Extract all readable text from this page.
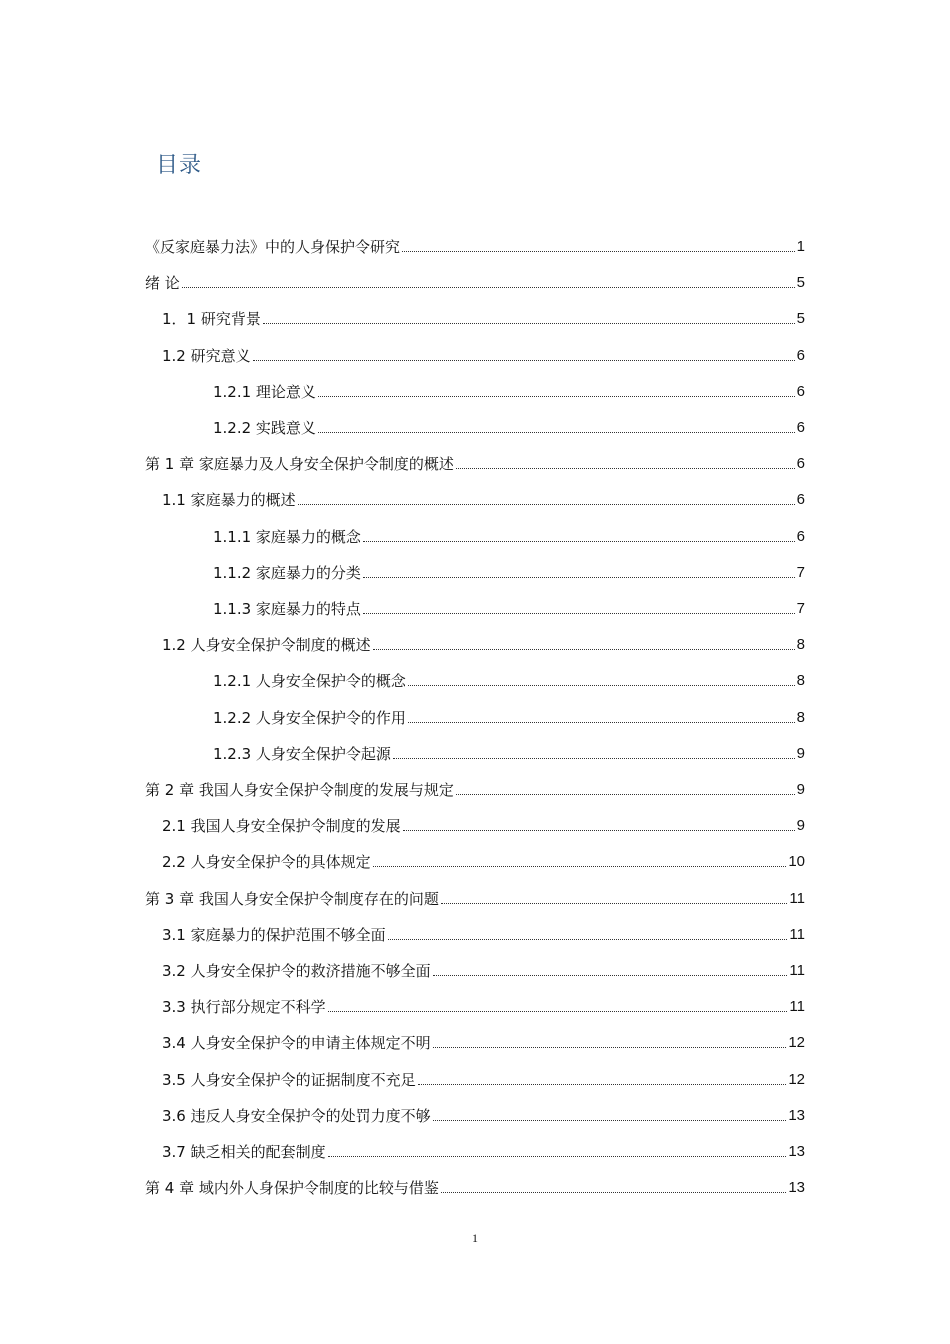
目录
《反家庭暴力法》中的人身保护令研究	1
绪 论	5
1．1 研究背景	5
1.2 研究意义	6
1.2.1 理论意义	6
1.2.2 实践意义	6
第 1 章 家庭暴力及人身安全保护令制度的概述	6
1.1 家庭暴力的概述	6
1.1.1 家庭暴力的概念	6
1.1.2 家庭暴力的分类	7
1.1.3 家庭暴力的特点	7
1.2 人身安全保护令制度的概述	8
1.2.1 人身安全保护令的概念	8
1.2.2 人身安全保护令的作用	8
1.2.3 人身安全保护令起源	9
第 2 章 我国人身安全保护令制度的发展与规定	9
2.1 我国人身安全保护令制度的发展	9
2.2 人身安全保护令的具体规定	10
第 3 章 我国人身安全保护令制度存在的问题	11
3.1 家庭暴力的保护范围不够全面	11
3.2 人身安全保护令的救济措施不够全面	11
3.3 执行部分规定不科学	11
3.4 人身安全保护令的申请主体规定不明	12
3.5 人身安全保护令的证据制度不充足	12
3.6 违反人身安全保护令的处罚力度不够	13
3.7 缺乏相关的配套制度	13
第 4 章 域内外人身保护令制度的比较与借鉴	13
1
